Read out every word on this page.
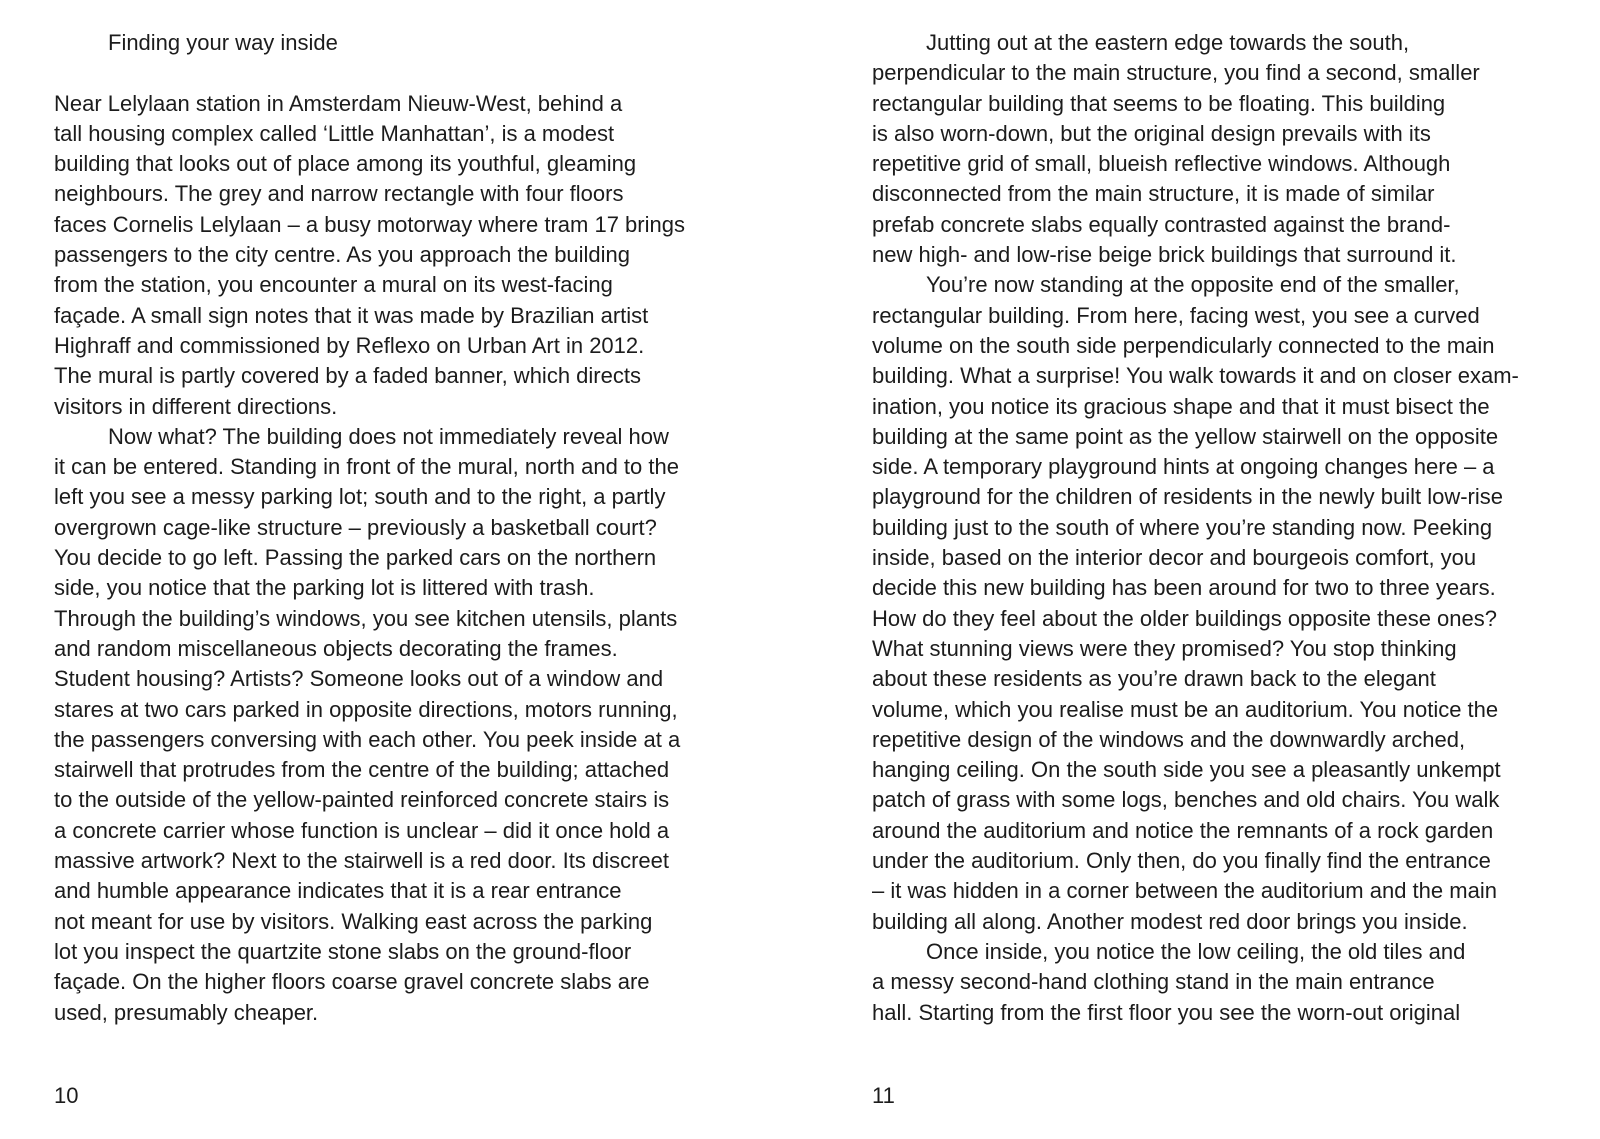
Finding your way inside
Near Lelylaan station in Amsterdam Nieuw-West, behind a
tall housing complex called ‘Little Manhattan’, is a modest
building that looks out of place among its youthful, gleaming
neighbours. The grey and narrow rectangle with four floors
faces Cornelis Lelylaan – a busy motorway where tram 17 brings
passengers to the city centre. As you approach the building
from the station, you encounter a mural on its west-facing
façade. A small sign notes that it was made by Brazilian artist
Highraff and commissioned by Reflexo on Urban Art in 2012.
The mural is partly covered by a faded banner, which directs
visitors in different directions.
Now what? The building does not immediately reveal how
it can be entered. Standing in front of the mural, north and to the
left you see a messy parking lot; south and to the right, a partly
overgrown cage-like structure – previously a basketball court?
You decide to go left. Passing the parked cars on the northern
side, you notice that the parking lot is littered with trash.
Through the building’s windows, you see kitchen utensils, plants
and random miscellaneous objects decorating the frames.
Student housing? Artists? Someone looks out of a window and
stares at two cars parked in opposite directions, motors running,
the passengers conversing with each other. You peek inside at a
stairwell that protrudes from the centre of the building; attached
to the outside of the yellow-painted reinforced concrete stairs is
a concrete carrier whose function is unclear – did it once hold a
massive artwork? Next to the stairwell is a red door. Its discreet
and humble appearance indicates that it is a rear entrance
not meant for use by visitors. Walking east across the parking
lot you inspect the quartzite stone slabs on the ground-floor
façade. On the higher floors coarse gravel concrete slabs are
used, presumably cheaper.
10
Jutting out at the eastern edge towards the south,
perpendicular to the main structure, you find a second, smaller
rectangular building that seems to be floating. This building
is also worn-down, but the original design prevails with its
repetitive grid of small, blueish reflective windows. Although
disconnected from the main structure, it is made of similar
prefab concrete slabs equally contrasted against the brand-
new high- and low-rise beige brick buildings that surround it.
You’re now standing at the opposite end of the smaller,
rectangular building. From here, facing west, you see a curved
volume on the south side perpendicularly connected to the main
building. What a surprise! You walk towards it and on closer exam-
ination, you notice its gracious shape and that it must bisect the
building at the same point as the yellow stairwell on the opposite
side. A temporary playground hints at ongoing changes here – a
playground for the children of residents in the newly built low-rise
building just to the south of where you’re standing now. Peeking
inside, based on the interior decor and bourgeois comfort, you
decide this new building has been around for two to three years.
How do they feel about the older buildings opposite these ones?
What stunning views were they promised? You stop thinking
about these residents as you’re drawn back to the elegant
volume, which you realise must be an auditorium. You notice the
repetitive design of the windows and the downwardly arched,
hanging ceiling. On the south side you see a pleasantly unkempt
patch of grass with some logs, benches and old chairs. You walk
around the auditorium and notice the remnants of a rock garden
under the auditorium. Only then, do you finally find the entrance
– it was hidden in a corner between the auditorium and the main
building all along. Another modest red door brings you inside.
Once inside, you notice the low ceiling, the old tiles and
a messy second-hand clothing stand in the main entrance
hall. Starting from the first floor you see the worn-out original
11
